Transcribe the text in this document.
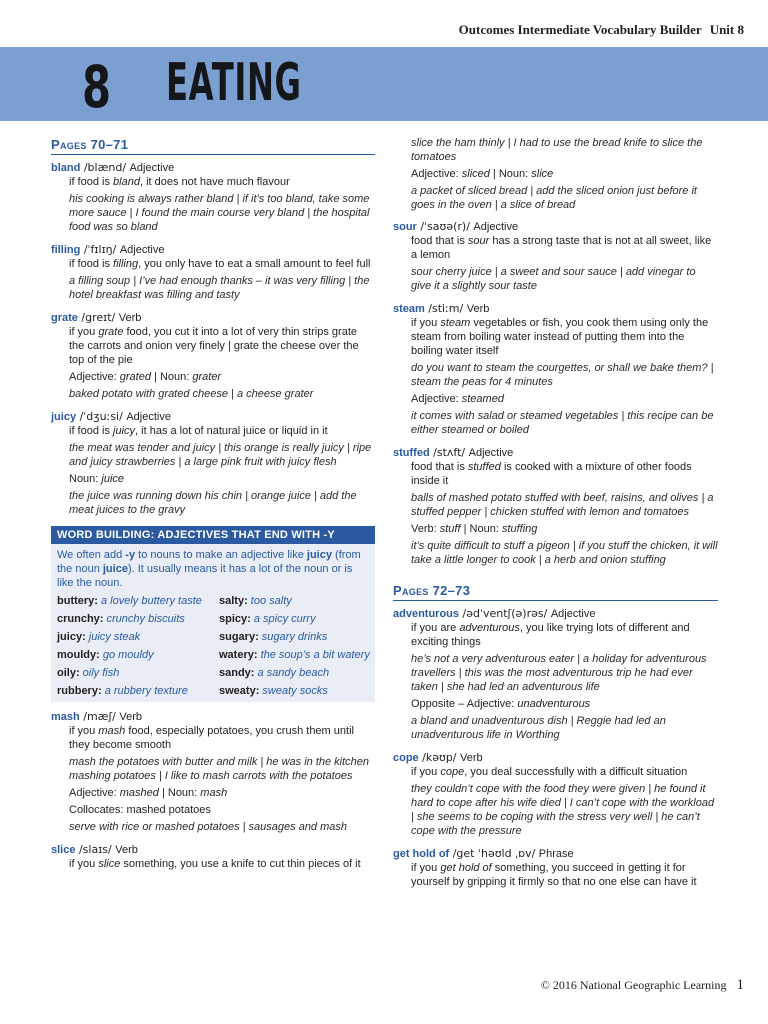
Outcomes Intermediate Vocabulary Builder Unit 8
8 EATING
Pages 70–71
bland /blænd/ Adjective
if food is bland, it does not have much flavour
his cooking is always rather bland | if it’s too bland, take some more sauce | I found the main course very bland | the hospital food was so bland
filling /ˈfɪlɪŋ/ Adjective
if food is filling, you only have to eat a small amount to feel full
a filling soup | I’ve had enough thanks – it was very filling | the hotel breakfast was filling and tasty
grate /greɪt/ Verb
if you grate food, you cut it into a lot of very thin strips grate the carrots and onion very finely | grate the cheese over the top of the pie
Adjective: grated | Noun: grater
baked potato with grated cheese | a cheese grater
juicy /ˈdʒuːsi/ Adjective
if food is juicy, it has a lot of natural juice or liquid in it
the meat was tender and juicy | this orange is really juicy | ripe and juicy strawberries | a large pink fruit with juicy flesh
Noun: juice
the juice was running down his chin | orange juice | add the meat juices to the gravy
WORD BUILDING: ADJECTIVES THAT END WITH -Y
We often add -y to nouns to make an adjective like juicy (from the noun juice). It usually means it has a lot of the noun or is like the noun.
buttery: a lovely buttery taste	salty: too salty
crunchy: crunchy biscuits	spicy: a spicy curry
juicy: juicy steak	sugary: sugary drinks
mouldy: go mouldy	watery: the soup’s a bit watery
oily: oily fish	sandy: a sandy beach
rubbery: a rubbery texture	sweaty: sweaty socks
mash /mæʃ/ Verb
if you mash food, especially potatoes, you crush them until they become smooth
mash the potatoes with butter and milk | he was in the kitchen mashing potatoes | I like to mash carrots with the potatoes
Adjective: mashed | Noun: mash
Collocates: mashed potatoes
serve with rice or mashed potatoes | sausages and mash
slice /slaɪs/ Verb
if you slice something, you use a knife to cut thin pieces of it
slice the ham thinly | I had to use the bread knife to slice the tomatoes
Adjective: sliced | Noun: slice
a packet of sliced bread | add the sliced onion just before it goes in the oven | a slice of bread
sour /ˈsaʊə(r)/ Adjective
food that is sour has a strong taste that is not at all sweet, like a lemon
sour cherry juice | a sweet and sour sauce | add vinegar to give it a slightly sour taste
steam /stiːm/ Verb
if you steam vegetables or fish, you cook them using only the steam from boiling water instead of putting them into the boiling water itself
do you want to steam the courgettes, or shall we bake them? | steam the peas for 4 minutes
Adjective: steamed
it comes with salad or steamed vegetables | this recipe can be either steamed or boiled
stuffed /stʌft/ Adjective
food that is stuffed is cooked with a mixture of other foods inside it
balls of mashed potato stuffed with beef, raisins, and olives | a stuffed pepper | chicken stuffed with lemon and tomatoes
Verb: stuff | Noun: stuffing
it’s quite difficult to stuff a pigeon | if you stuff the chicken, it will take a little longer to cook | a herb and onion stuffing
Pages 72–73
adventurous /ədˈventʃ(ə)rəs/ Adjective
if you are adventurous, you like trying lots of different and exciting things
he’s not a very adventurous eater | a holiday for adventurous travellers | this was the most adventurous trip he had ever taken | she had led an adventurous life
Opposite – Adjective: unadventurous
a bland and unadventurous dish | Reggie had led an unadventurous life in Worthing
cope /kəʊp/ Verb
if you cope, you deal successfully with a difficult situation
they couldn’t cope with the food they were given | he found it hard to cope after his wife died | I can’t cope with the workload | she seems to be coping with the stress very well | he can’t cope with the pressure
get hold of /get ˈhəʊld ˌɒv/ Phrase
if you get hold of something, you succeed in getting it for yourself by gripping it firmly so that no one else can have it
© 2016 National Geographic Learning 1
